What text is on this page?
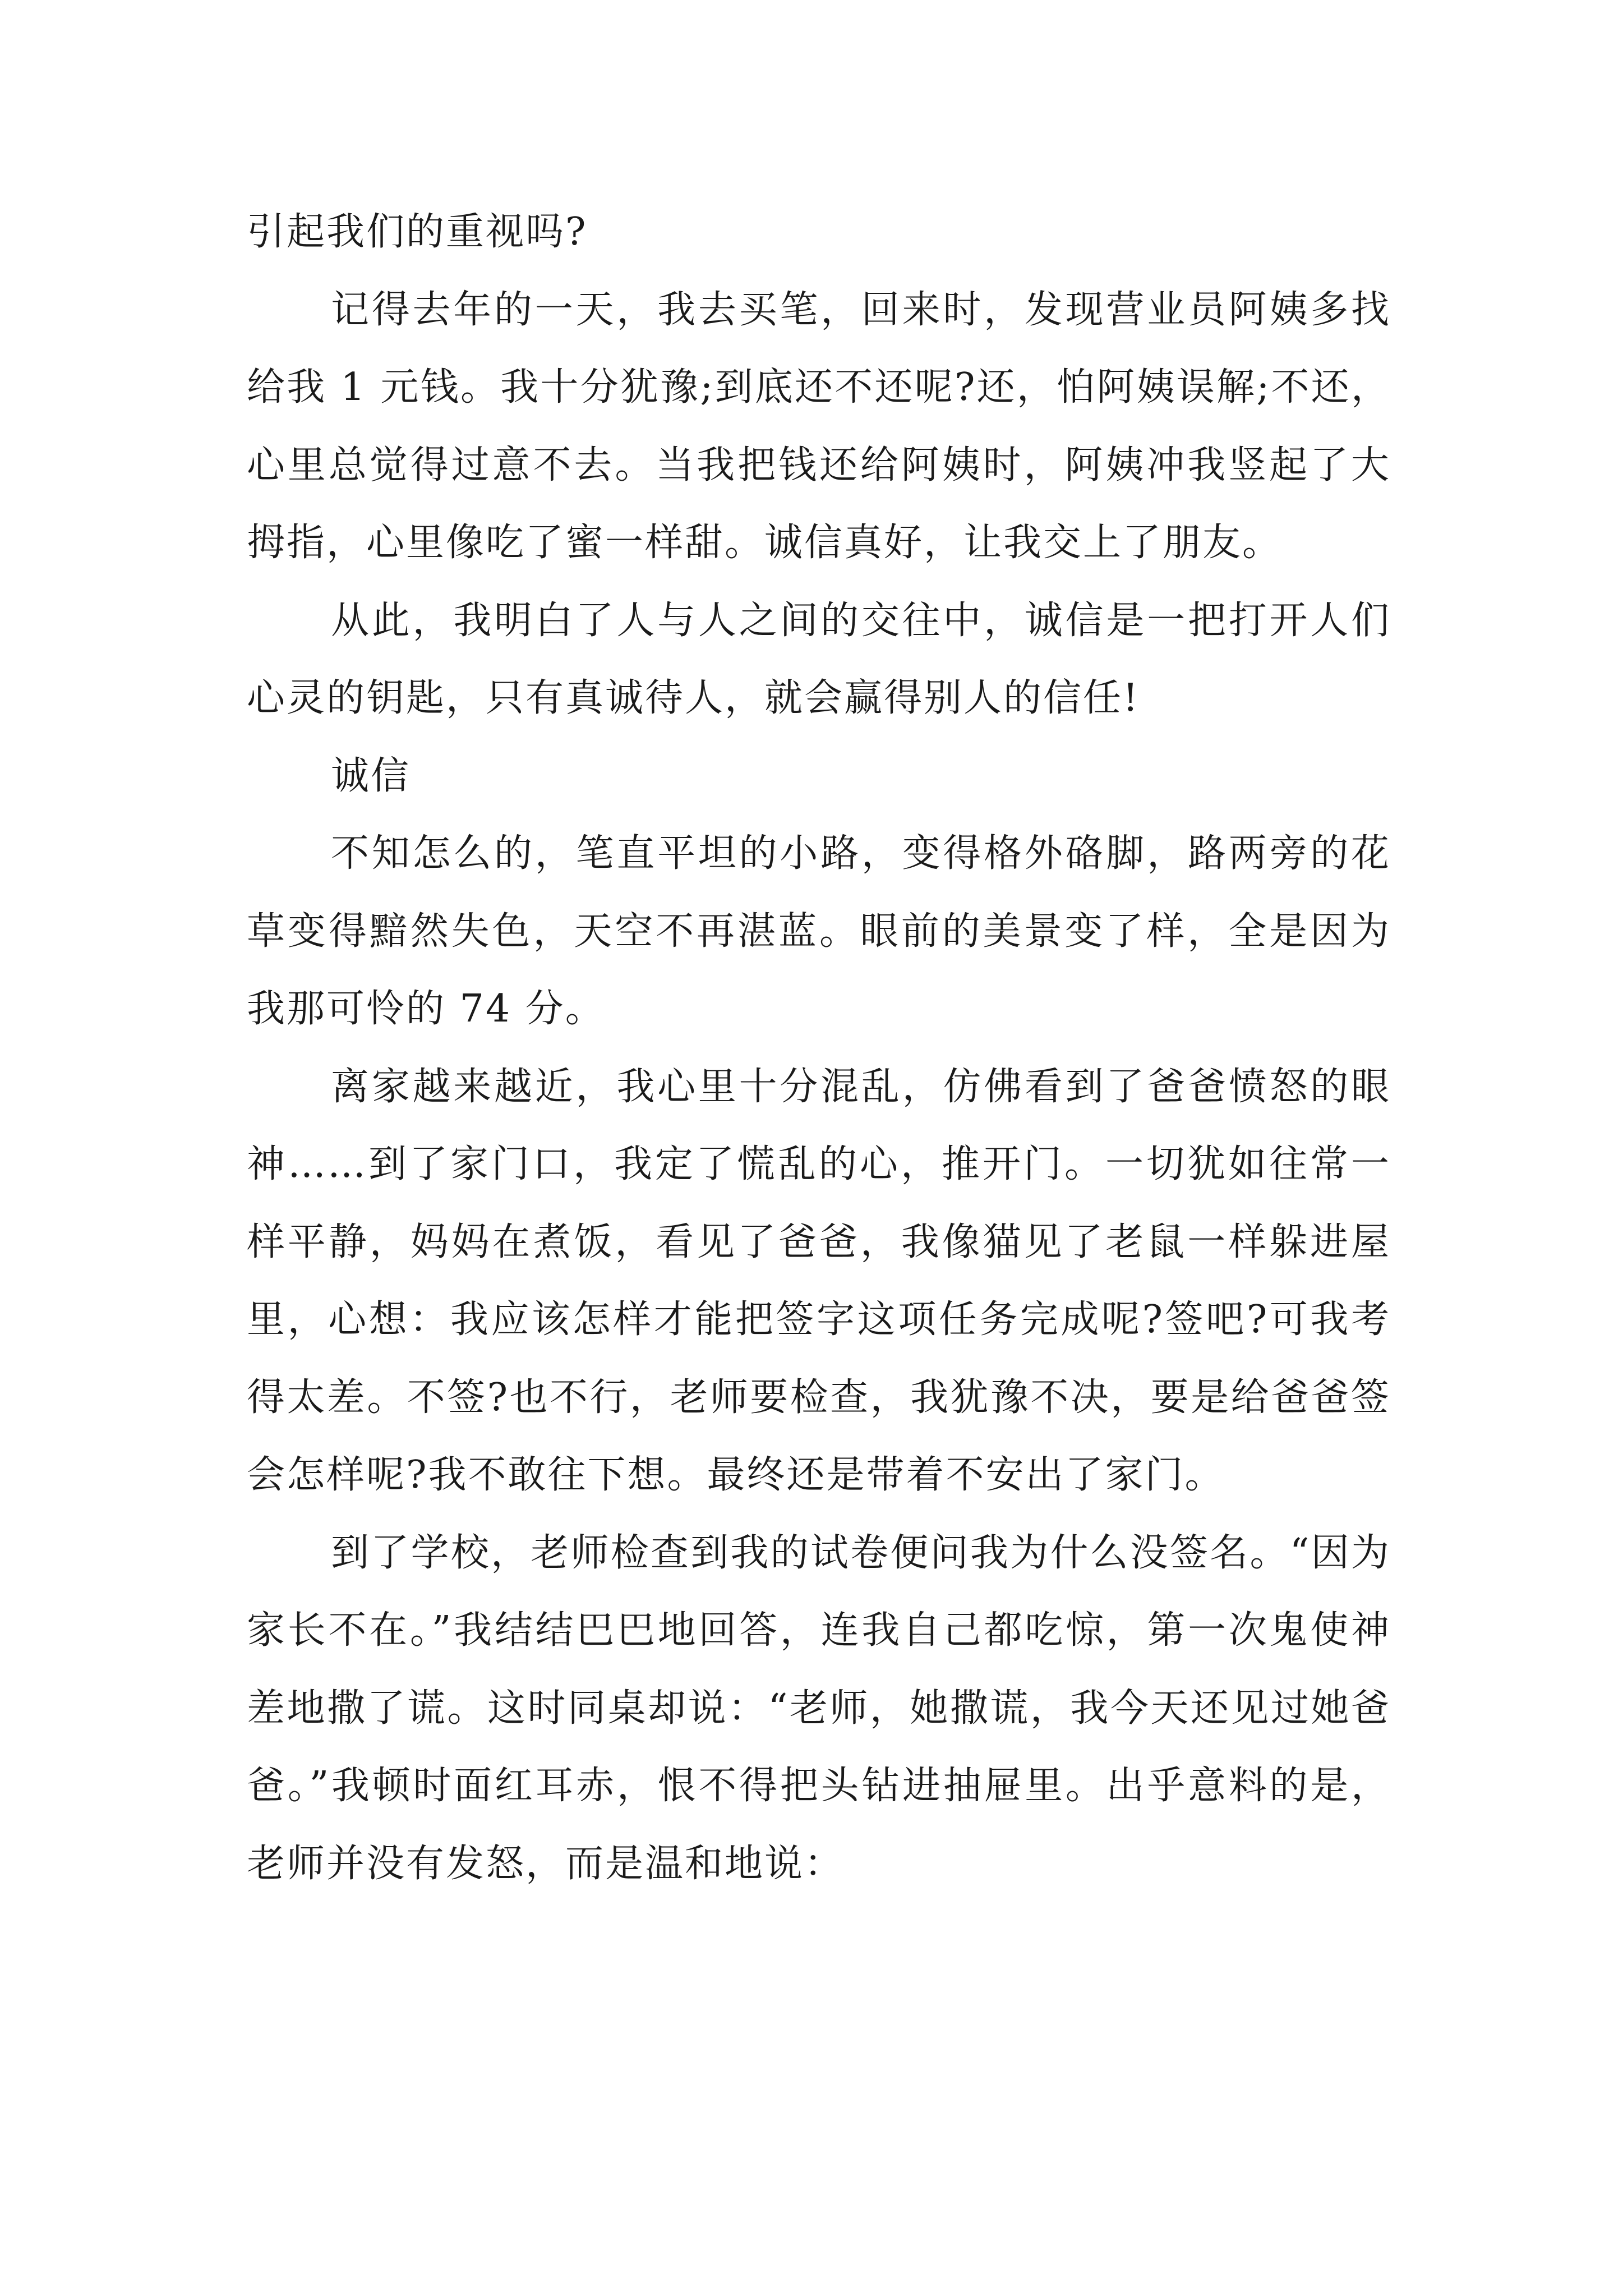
引起我们的重视吗?

记得去年的一天，我去买笔，回来时，发现营业员阿姨多找给我 1 元钱。我十分犹豫;到底还不还呢?还，怕阿姨误解;不还，心里总觉得过意不去。当我把钱还给阿姨时，阿姨冲我竖起了大拇指，心里像吃了蜜一样甜。诚信真好，让我交上了朋友。

从此，我明白了人与人之间的交往中，诚信是一把打开人们心灵的钥匙，只有真诚待人，就会赢得别人的信任!

诚信

不知怎么的，笔直平坦的小路，变得格外硌脚，路两旁的花草变得黯然失色，天空不再湛蓝。眼前的美景变了样，全是因为我那可怜的 74 分。

离家越来越近，我心里十分混乱，仿佛看到了爸爸愤怒的眼神……到了家门口，我定了慌乱的心，推开门。一切犹如往常一样平静，妈妈在煮饭，看见了爸爸，我像猫见了老鼠一样躲进屋里，心想：我应该怎样才能把签字这项任务完成呢?签吧?可我考得太差。不签?也不行，老师要检查，我犹豫不决，要是给爸爸签会怎样呢?我不敢往下想。最终还是带着不安出了家门。

到了学校，老师检查到我的试卷便问我为什么没签名。“因为家长不在。”我结结巴巴地回答，连我自己都吃惊，第一次鬼使神差地撒了谎。这时同桌却说：“老师，她撒谎，我今天还见过她爸爸。”我顿时面红耳赤，恨不得把头钻进抽屉里。出乎意料的是，老师并没有发怒，而是温和地说：
